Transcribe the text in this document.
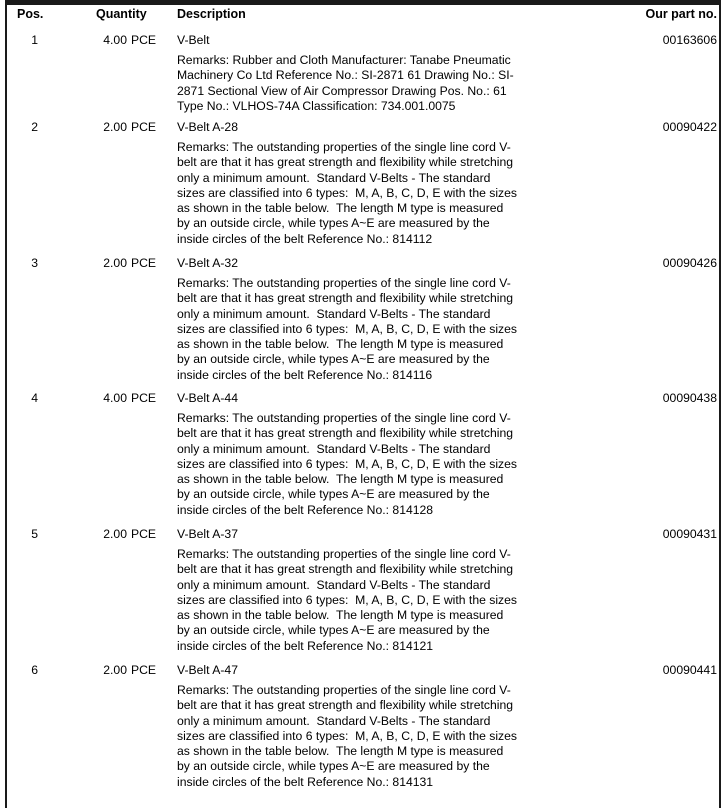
Pos.	Quantity Description	Our part no.
1	4.00 PCE V-Belt	00163606
Remarks: Rubber and Cloth Manufacturer: Tanabe Pneumatic
Machinery Co Ltd Reference No.: SI-2871 61 Drawing No.: SI-
2871 Sectional View of Air Compressor Drawing Pos. No.: 61
Type No.: VLHOS-74A Classification: 734.001.0075
2	2.00 PCE V-Belt A-28	00090422
Remarks: The outstanding properties of the single line cord V-
belt are that it has great strength and flexibility while stretching
only a minimum amount.  Standard V-Belts - The standard
sizes are classified into 6 types:  M, A, B, C, D, E with the sizes
as shown in the table below.  The length M type is measured
by an outside circle, while types A~E are measured by the
inside circles of the belt Reference No.: 814112
3	2.00 PCE V-Belt A-32	00090426
Remarks: The outstanding properties of the single line cord V-
belt are that it has great strength and flexibility while stretching
only a minimum amount.  Standard V-Belts - The standard
sizes are classified into 6 types:  M, A, B, C, D, E with the sizes
as shown in the table below.  The length M type is measured
by an outside circle, while types A~E are measured by the
inside circles of the belt Reference No.: 814116
4	4.00 PCE V-Belt A-44	00090438
Remarks: The outstanding properties of the single line cord V-
belt are that it has great strength and flexibility while stretching
only a minimum amount.  Standard V-Belts - The standard
sizes are classified into 6 types:  M, A, B, C, D, E with the sizes
as shown in the table below.  The length M type is measured
by an outside circle, while types A~E are measured by the
inside circles of the belt Reference No.: 814128
5	2.00 PCE V-Belt A-37	00090431
Remarks: The outstanding properties of the single line cord V-
belt are that it has great strength and flexibility while stretching
only a minimum amount.  Standard V-Belts - The standard
sizes are classified into 6 types:  M, A, B, C, D, E with the sizes
as shown in the table below.  The length M type is measured
by an outside circle, while types A~E are measured by the
inside circles of the belt Reference No.: 814121
6	2.00 PCE V-Belt A-47	00090441
Remarks: The outstanding properties of the single line cord V-
belt are that it has great strength and flexibility while stretching
only a minimum amount.  Standard V-Belts - The standard
sizes are classified into 6 types:  M, A, B, C, D, E with the sizes
as shown in the table below.  The length M type is measured
by an outside circle, while types A~E are measured by the
inside circles of the belt Reference No.: 814131
